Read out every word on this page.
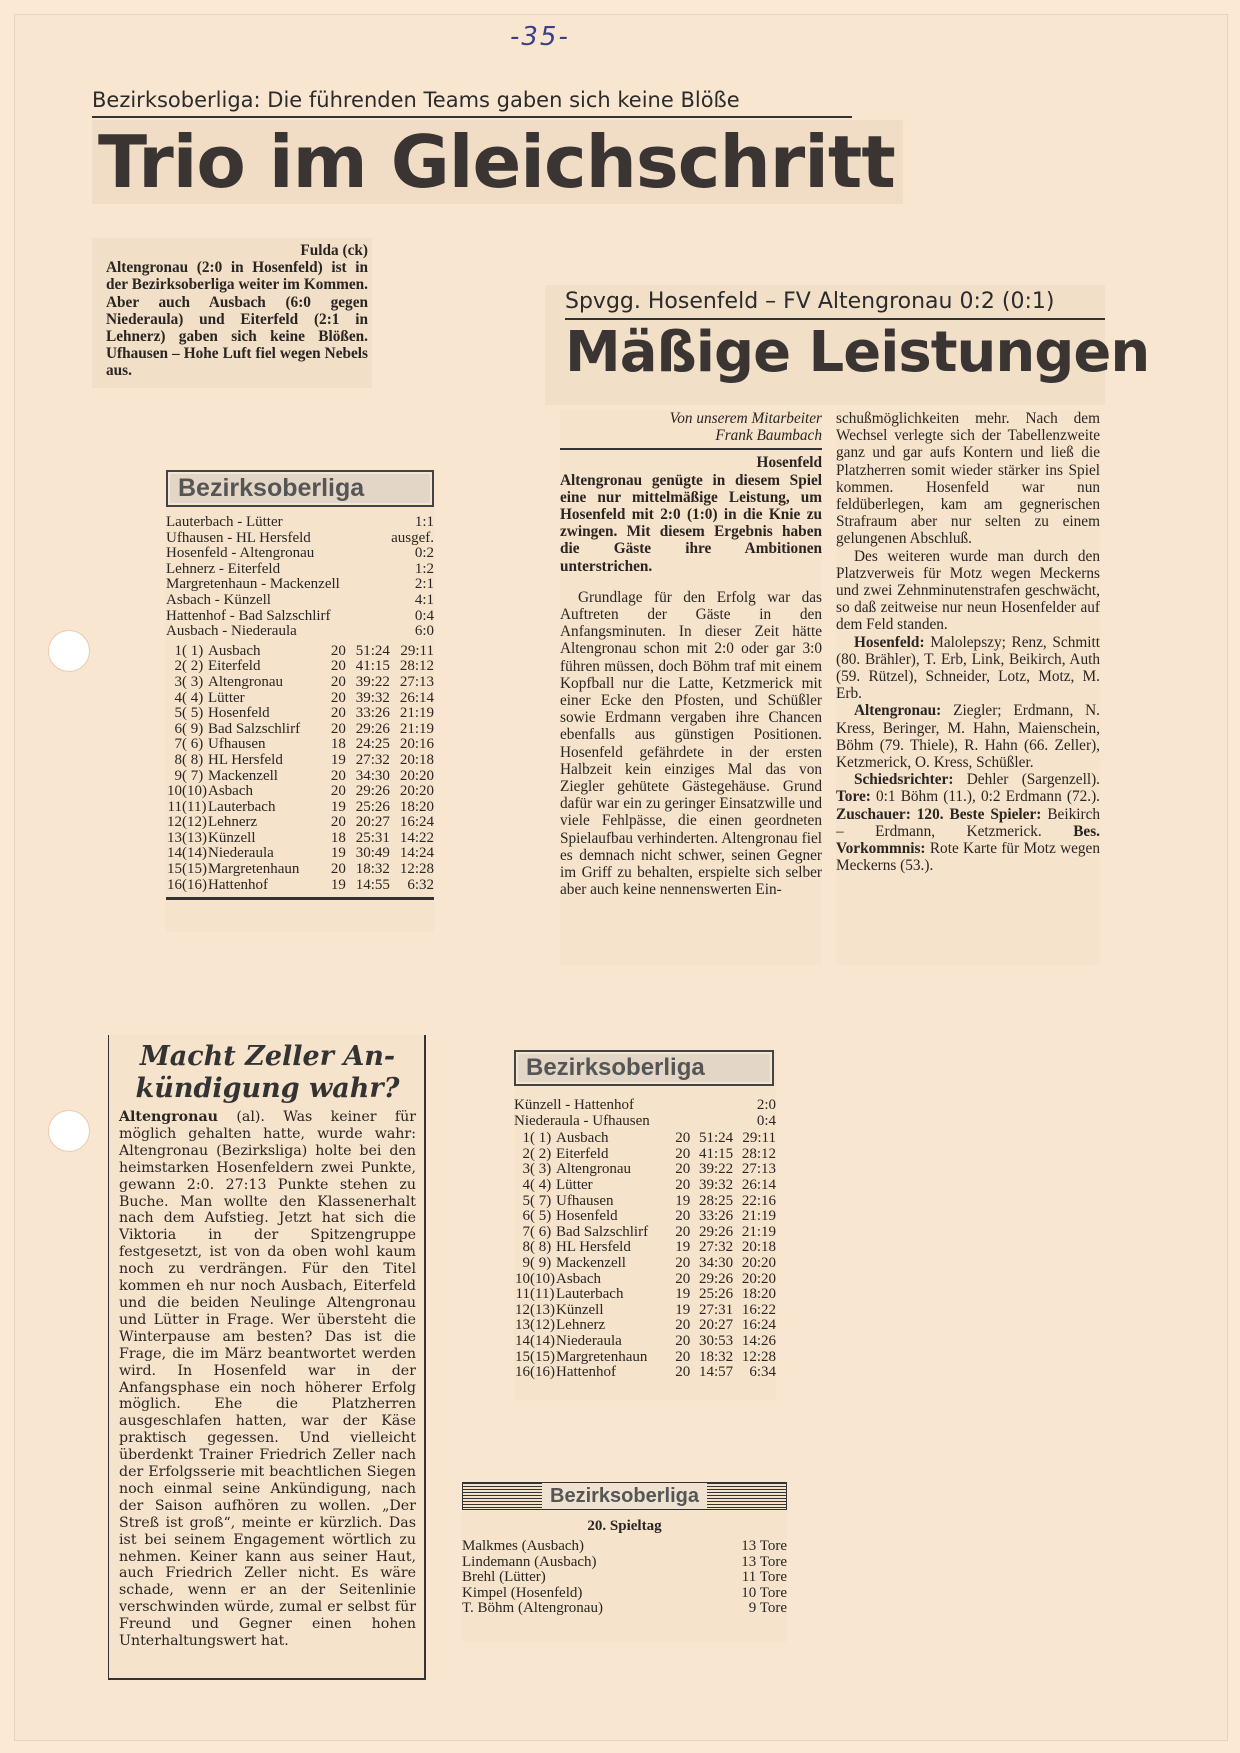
-35-
Bezirksoberliga: Die führenden Teams gaben sich keine Blöße
Trio im Gleichschritt

Fulda (ck)

Altengronau (2:0 in Hosenfeld) ist in der Bezirksoberliga weiter im Kommen. Aber auch Ausbach (6:0 gegen Niederaula) und Eiterfeld (2:1 in Lehnerz) gaben sich keine Blößen. Ufhausen – Hohe Luft fiel wegen Nebels aus.

Bezirksoberliga
Lauterbach - Lütter	1:1
Ufhausen - HL Hersfeld	ausgef.
Hosenfeld - Altengronau	0:2
Lehnerz - Eiterfeld	1:2
Margretenhaun - Mackenzell	2:1
Asbach - Künzell	4:1
Hattenhof - Bad Salzschlirf	0:4
Ausbach - Niederaula	6:0
1	( 1)	Ausbach	20	51:24	29:11
2	( 2)	Eiterfeld	20	41:15	28:12
3	( 3)	Altengronau	20	39:22	27:13
4	( 4)	Lütter	20	39:32	26:14
5	( 5)	Hosenfeld	20	33:26	21:19
6	( 9)	Bad Salzschlirf	20	29:26	21:19
7	( 6)	Ufhausen	18	24:25	20:16
8	( 8)	HL Hersfeld	19	27:32	20:18
9	( 7)	Mackenzell	20	34:30	20:20
10	(10)	Asbach	20	29:26	20:20
11	(11)	Lauterbach	19	25:26	18:20
12	(12)	Lehnerz	20	20:27	16:24
13	(13)	Künzell	18	25:31	14:22
14	(14)	Niederaula	19	30:49	14:24
15	(15)	Margretenhaun	20	18:32	12:28
16	(16)	Hattenhof	19	14:55	6:32
Spvgg. Hosenfeld – FV Altengronau 0:2 (0:1)
Mäßige Leistungen

Von unserem Mitarbeiter

Frank Baumbach

Hosenfeld

Altengronau genügte in diesem Spiel eine nur mittelmäßige Leistung, um Hosenfeld mit 2:0 (1:0) in die Knie zu zwingen. Mit diesem Ergebnis haben die Gäste ihre Ambitionen unterstrichen.

Grundlage für den Erfolg war das Auftreten der Gäste in den Anfangsminuten. In dieser Zeit hätte Altengronau schon mit 2:0 oder gar 3:0 führen müssen, doch Böhm traf mit einem Kopfball nur die Latte, Ketzmerick mit einer Ecke den Pfosten, und Schüßler sowie Erdmann vergaben ihre Chancen ebenfalls aus günstigen Positionen. Hosenfeld gefährdete in der ersten Halbzeit kein einziges Mal das von Ziegler gehütete Gästegehäuse. Grund dafür war ein zu geringer Einsatzwille und viele Fehlpässe, die einen geordneten Spielaufbau verhinderten. Altengronau fiel es demnach nicht schwer, seinen Gegner im Griff zu behalten, erspielte sich selber aber auch keine nennenswerten Ein-

schußmöglichkeiten mehr. Nach dem Wechsel verlegte sich der Tabellenzweite ganz und gar aufs Kontern und ließ die Platzherren somit wieder stärker ins Spiel kommen. Hosenfeld war nun feldüberlegen, kam am gegnerischen Strafraum aber nur selten zu einem gelungenen Abschluß.

Des weiteren wurde man durch den Platzverweis für Motz wegen Meckerns und zwei Zehnminutenstrafen geschwächt, so daß zeitweise nur neun Hosenfelder auf dem Feld standen.

Hosenfeld: Malolepszy; Renz, Schmitt (80. Brähler), T. Erb, Link, Beikirch, Auth (59. Rützel), Schneider, Lotz, Motz, M. Erb.

Altengronau: Ziegler; Erdmann, N. Kress, Beringer, M. Hahn, Maienschein, Böhm (79. Thiele), R. Hahn (66. Zeller), Ketzmerick, O. Kress, Schüßler.

Schiedsrichter: Dehler (Sargenzell). Tore: 0:1 Böhm (11.), 0:2 Erdmann (72.). Zuschauer: 120. Beste Spieler: Beikirch – Erdmann, Ketzmerick. Bes. Vorkommnis: Rote Karte für Motz wegen Meckerns (53.).

Macht Zeller An-
kündigung wahr?

Altengronau (al). Was keiner für möglich gehalten hatte, wurde wahr: Altengronau (Bezirksliga) holte bei den heimstarken Hosenfeldern zwei Punkte, gewann 2:0. 27:13 Punkte stehen zu Buche. Man wollte den Klassenerhalt nach dem Aufstieg. Jetzt hat sich die Viktoria in der Spitzengruppe festgesetzt, ist von da oben wohl kaum noch zu verdrängen. Für den Titel kommen eh nur noch Ausbach, Eiterfeld und die beiden Neulinge Altengronau und Lütter in Frage. Wer übersteht die Winterpause am besten? Das ist die Frage, die im März beantwortet werden wird. In Hosenfeld war in der Anfangsphase ein noch höherer Erfolg möglich. Ehe die Platzherren ausgeschlafen hatten, war der Käse praktisch gegessen. Und vielleicht überdenkt Trainer Friedrich Zeller nach der Erfolgsserie mit beachtlichen Siegen noch einmal seine Ankündigung, nach der Saison aufhören zu wollen. „Der Streß ist groß“, meinte er kürzlich. Das ist bei seinem Engagement wörtlich zu nehmen. Keiner kann aus seiner Haut, auch Friedrich Zeller nicht. Es wäre schade, wenn er an der Seitenlinie verschwinden würde, zumal er selbst für Freund und Gegner einen hohen Unterhaltungswert hat.

Bezirksoberliga
Künzell - Hattenhof	2:0
Niederaula - Ufhausen	0:4
1	( 1)	Ausbach	20	51:24	29:11
2	( 2)	Eiterfeld	20	41:15	28:12
3	( 3)	Altengronau	20	39:22	27:13
4	( 4)	Lütter	20	39:32	26:14
5	( 7)	Ufhausen	19	28:25	22:16
6	( 5)	Hosenfeld	20	33:26	21:19
7	( 6)	Bad Salzschlirf	20	29:26	21:19
8	( 8)	HL Hersfeld	19	27:32	20:18
9	( 9)	Mackenzell	20	34:30	20:20
10	(10)	Asbach	20	29:26	20:20
11	(11)	Lauterbach	19	25:26	18:20
12	(13)	Künzell	19	27:31	16:22
13	(12)	Lehnerz	20	20:27	16:24
14	(14)	Niederaula	20	30:53	14:26
15	(15)	Margretenhaun	20	18:32	12:28
16	(16)	Hattenhof	20	14:57	6:34
Bezirksoberliga
20. Spieltag
Malkmes (Ausbach)	13 Tore
Lindemann (Ausbach)	13 Tore
Brehl (Lütter)	11 Tore
Kimpel (Hosenfeld)	10 Tore
T. Böhm (Altengronau)	9 Tore
